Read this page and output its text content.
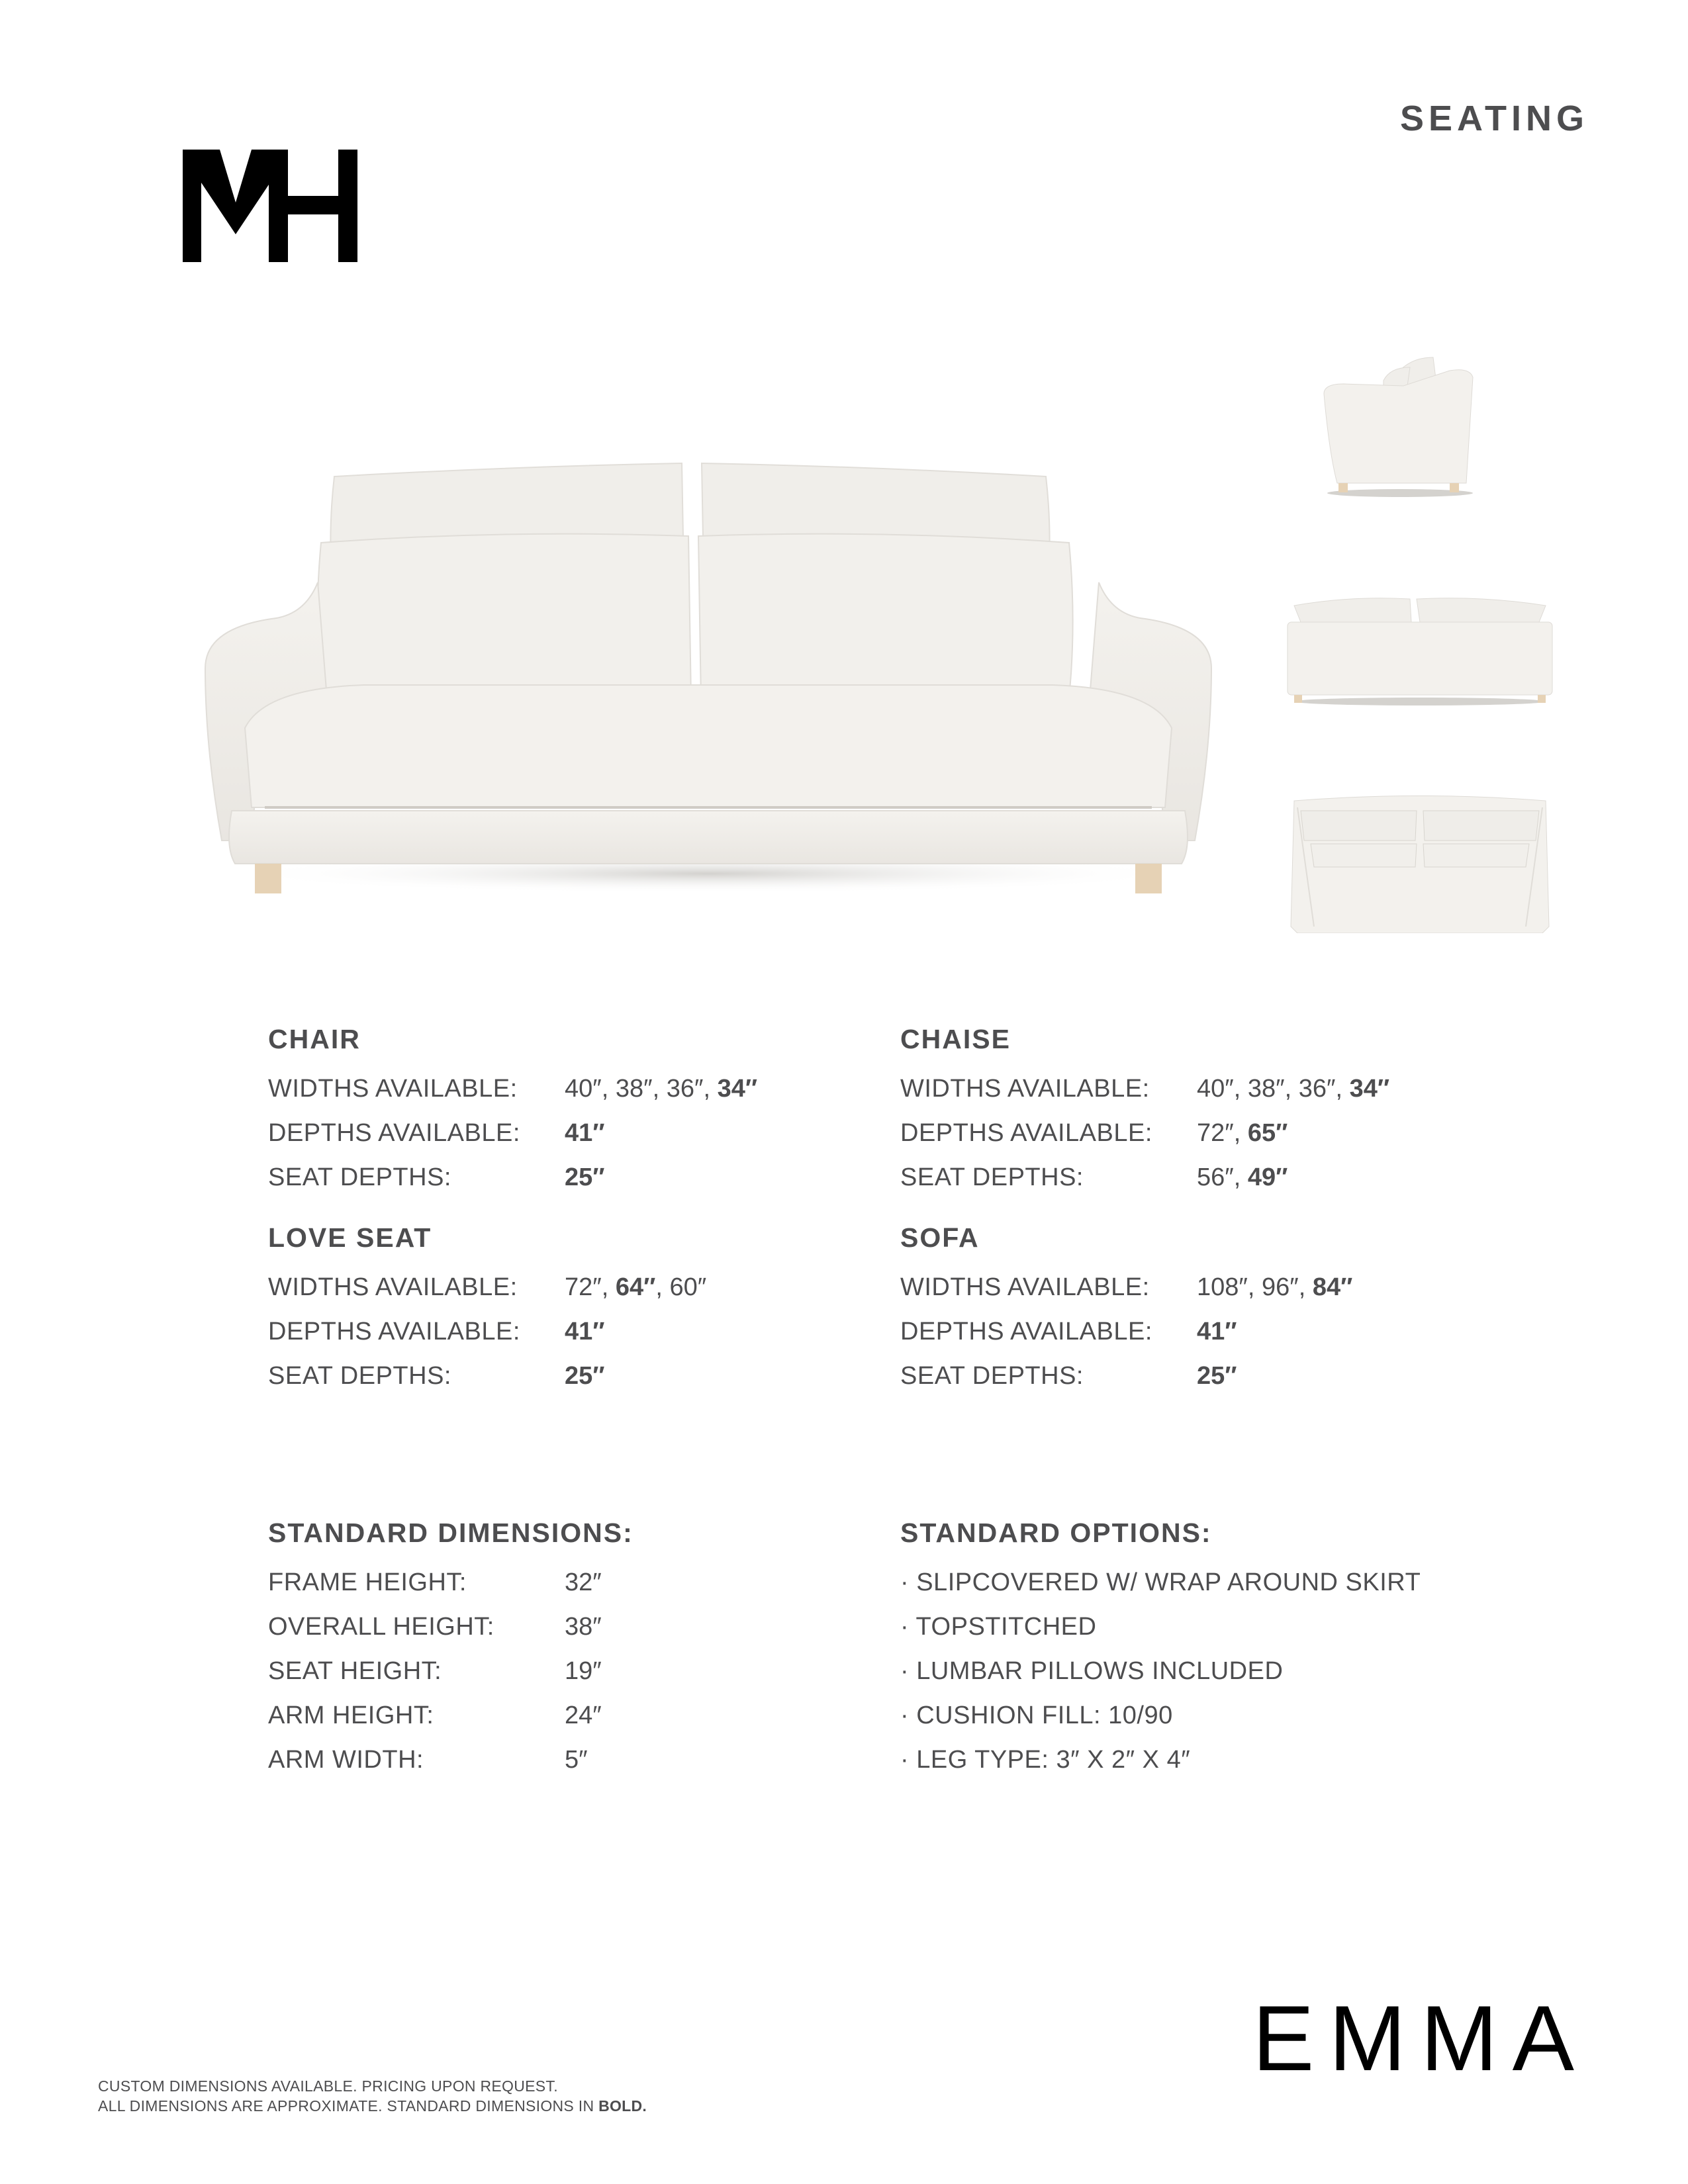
SEATING
CHAIR
WIDTHS AVAILABLE:	40″, 38″, 36″, 34″
DEPTHS AVAILABLE:	41″
SEAT DEPTHS:	25″
CHAISE
WIDTHS AVAILABLE:	40″, 38″, 36″, 34″
DEPTHS AVAILABLE:	72″, 65″
SEAT DEPTHS:	56″, 49″
LOVE SEAT
WIDTHS AVAILABLE:	72″, 64″, 60″
DEPTHS AVAILABLE:	41″
SEAT DEPTHS:	25″
SOFA
WIDTHS AVAILABLE:	108″, 96″, 84″
DEPTHS AVAILABLE:	41″
SEAT DEPTHS:	25″
STANDARD DIMENSIONS:
FRAME HEIGHT:	32″
OVERALL HEIGHT:	38″
SEAT HEIGHT:	19″
ARM HEIGHT:	24″
ARM WIDTH:	5″
STANDARD OPTIONS:
· SLIPCOVERED W/ WRAP AROUND SKIRT
· TOPSTITCHED
· LUMBAR PILLOWS INCLUDED
· CUSHION FILL: 10/90
· LEG TYPE: 3″ X 2″ X 4″
CUSTOM DIMENSIONS AVAILABLE. PRICING UPON REQUEST.
ALL DIMENSIONS ARE APPROXIMATE. STANDARD DIMENSIONS IN BOLD.
EMMA
